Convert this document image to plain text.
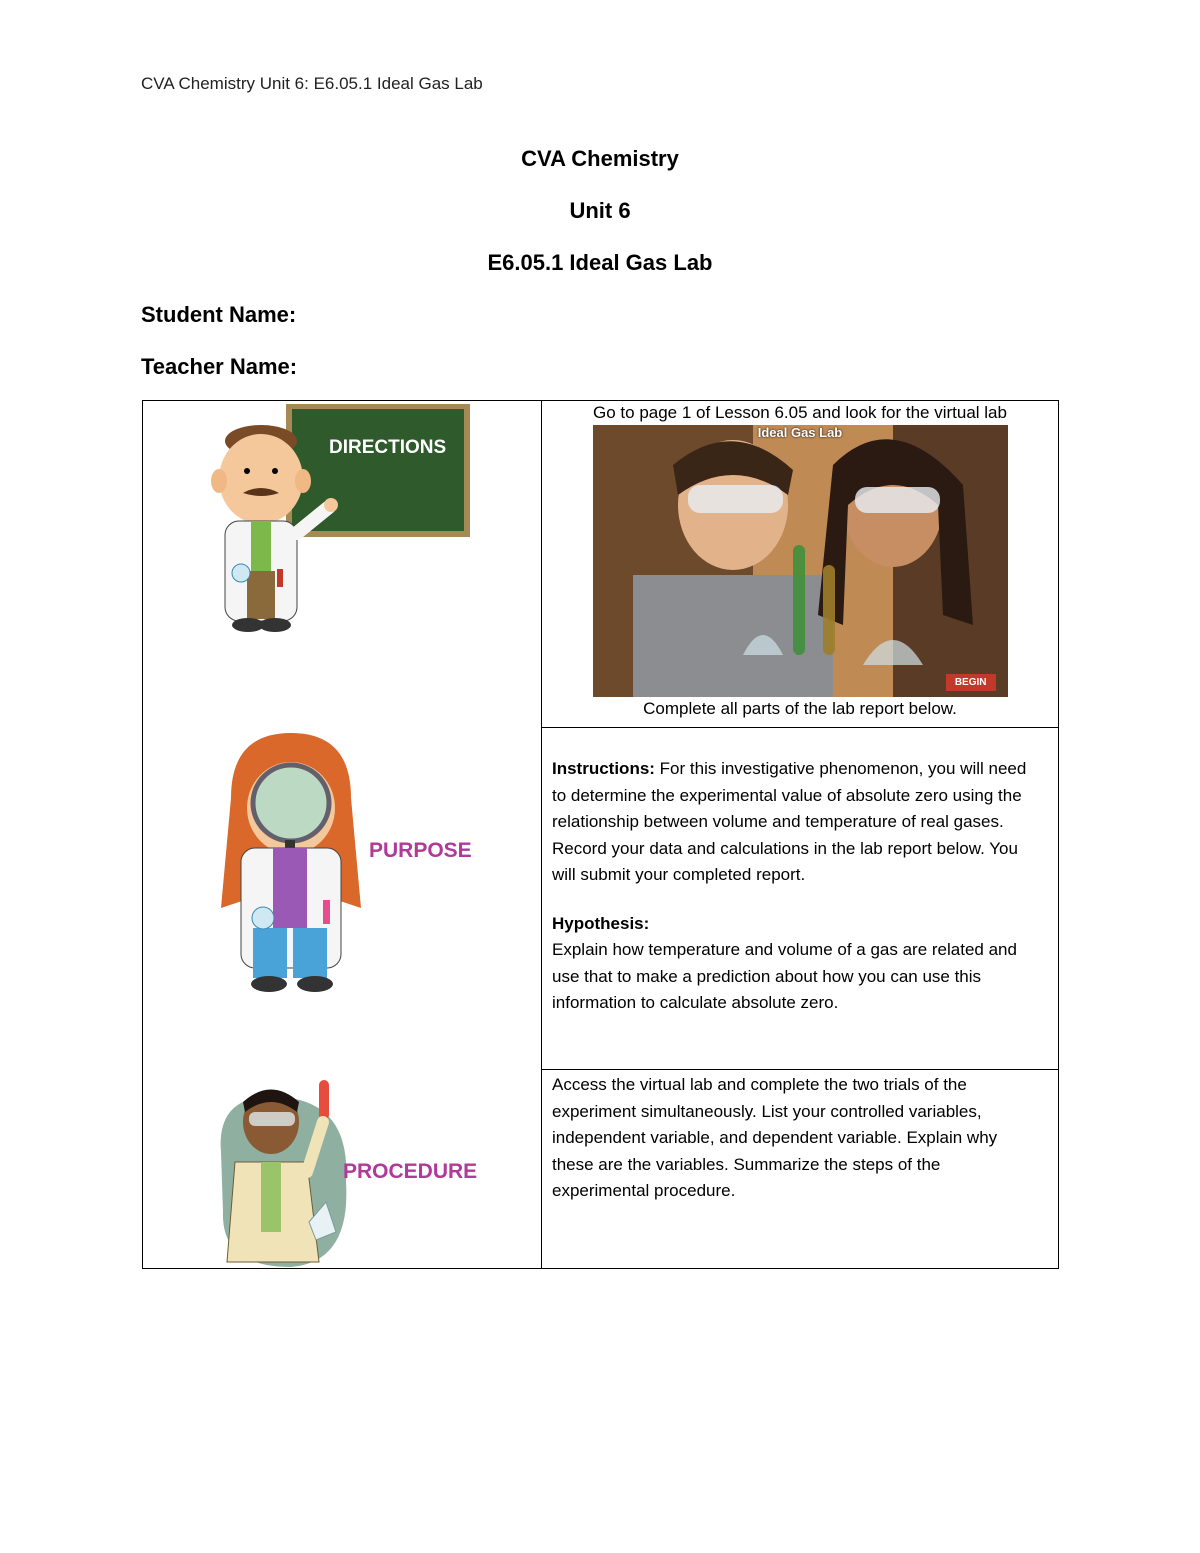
CVA Chemistry Unit 6: E6.05.1 Ideal Gas Lab
CVA Chemistry
Unit 6
E6.05.1 Ideal Gas Lab
Student Name:
Teacher Name:
DIRECTIONS	Go to page 1 of Lesson 6.05 and look for the virtual lab
Ideal Gas Lab
BEGIN
Complete all parts of the lab report below.

PURPOSE	Instructions: For this investigative phenomenon, you will need to determine the experimental value of absolute zero using the relationship between volume and temperature of real gases. Record your data and calculations in the lab report below. You will submit your completed report.
Hypothesis:
Explain how temperature and volume of a gas are related and use that to make a prediction about how you can use this information to calculate absolute zero.

PROCEDURE	Access the virtual lab and complete the two trials of the experiment simultaneously. List your controlled variables, independent variable, and dependent variable. Explain why these are the variables. Summarize the steps of the experimental procedure.
